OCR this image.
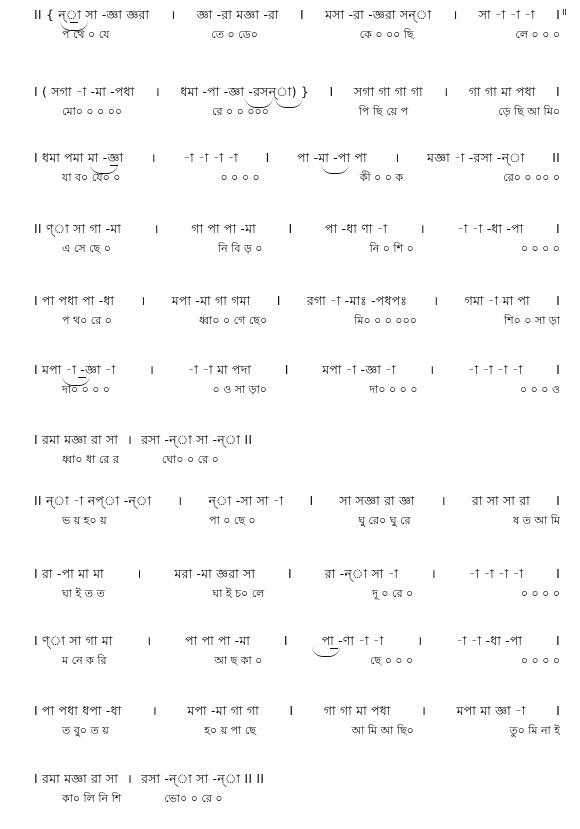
॥
II { ন্‌া সা -জ্ঞা জ্ঞরা । জ্ঞা -রা মজ্ঞা -রা I মসা -রা -জ্ঞরা সন্‌া । সা -া -া -া I
প থে ০ যে	তে ০ ডে০	কে ০ ০০ ছি	লে ০ ০ ০
I ( সগা -া -মা -পধা । ধমা -পা -জ্ঞা -রসন্‌া) } I সগা গা গা গা । গা গা মা পধা I
মো০ ০ ০ ০০	রে ০ ০ ০০০	পি ছি য়ে প	ড়ে ছি আ মি০
I ধমা পমা মা -জ্ঞা । -া -া -া -া I পা -মা -পা পা । মজ্ঞা -া -রসা -ন্‌া II
যা ব০ যে০ ০	০ ০ ০ ০	কী ০ ০ ক	রে০ ০ ০০ ০
II ণ্‌া সা গা -মা	।	গা পা পা -মা	I	পা -ধা ণা -া	।	-া -া -ধা -পা	I
এ সে ছে ০	নি বি ড় ০	নি ০ শি ০	০ ০ ০ ০
I পা পধা পা -ধা । মপা -মা গা গমা I রগা -া -মাঃ -পধপঃ । গমা -া মা পা I
প থ০ রে ০	ধ্বা০ ০ গে ছে০	মি০ ০ ০ ০০০	শি০ ০ সা ড়া
I মপা -া -জ্ঞা -া	।	-া -া মা পদা	I	মপা -া -জ্ঞা -া	।	-া -া -া -া	I
দা০ ০ ০ ০	০ ও সা ড়া০	দা০ ০ ০ ০	০ ০ ০ ও
I রমা মজ্ঞা রা সা । রসা -ন্‌া সা -ন্‌া II
ধ্বা০ ধা রে র	ঘো০ ০ রে ০
II ন্‌া -া নপ্‌া -ন্‌া । ন্‌া -সা সা -া I সা সজ্ঞা রা জ্ঞা । রা সা সা রা I
ভ য় হ০ য়	পা ০ ছে ০	ঘু রে০ ঘু রে	ষ ত আ মি
I রা -পা মা মা	।	মরা -মা জ্ঞরা সা	I	রা -ন্‌া সা -া	।	-া -া -া -া	I
ঘা ই ত ত	ঘা ই চ০ লে	দূ ০ রে ০	০ ০ ০ ০
I ণ্‌া সা গা মা	।	পা পা পা -মা	I	পা -ণা -া -া	।	-া -া -ধা -পা	I
ম নে ক রি	আ ছ কা ০	ছে ০ ০ ০	০ ০ ০ ০
I পা পধা ধপা -ধা । মপা -মা গা গা I গা গা মা পধা । মপা মা জ্ঞা -া I
ত বু০ ত য়	হ০ য় পা ছে	আ মি আ ছি০	তু০ মি না ই
I রমা মজ্ঞা রা সা । রসা -ন্‌া সা -ন্‌া II II
কা০ লি নি শি	ভো০ ০ রে ০
